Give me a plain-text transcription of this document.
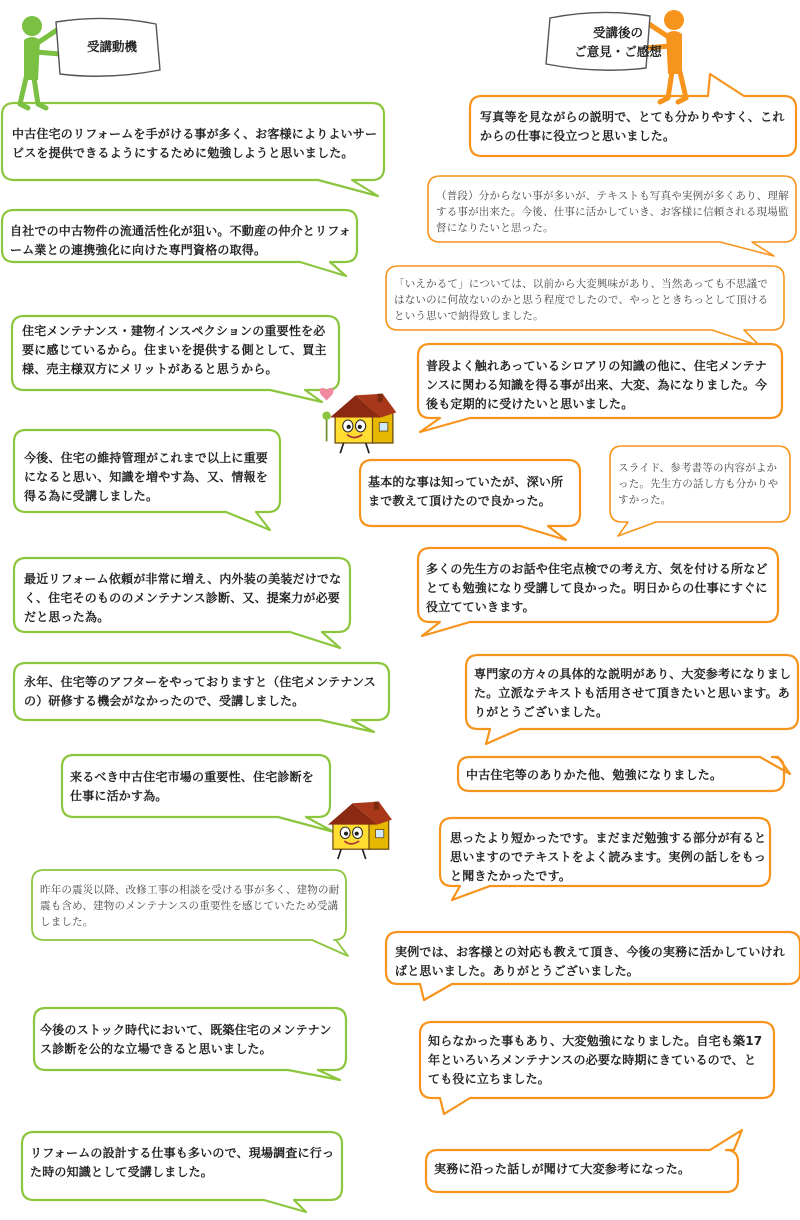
受講動機
受講後の
ご意見・ご感想

中古住宅のリフォームを手がける事が多く、お客様によりよいサービスを提供できるようにするために勉強しようと思いました。

自社での中古物件の流通活性化が狙い。不動産の仲介とリフォーム業との連携強化に向けた専門資格の取得。

住宅メンテナンス・建物インスペクションの重要性を必要に感じているから。住まいを提供する側として、買主様、売主様双方にメリットがあると思うから。

今後、住宅の維持管理がこれまで以上に重要になると思い、知識を増やす為、又、情報を得る為に受講しました。

最近リフォーム依頼が非常に増え、内外装の美装だけでなく、住宅そのもののメンテナンス診断、又、提案力が必要だと思った為。

永年、住宅等のアフターをやっておりますと（住宅メンテナンスの）研修する機会がなかったので、受講しました。

来るべき中古住宅市場の重要性、住宅診断を仕事に活かす為。

昨年の震災以降、改修工事の相談を受ける事が多く、建物の耐震も含め、建物のメンテナンスの重要性を感じていたため受講しました。

今後のストック時代において、既築住宅のメンテナンス診断を公的な立場できると思いました。

リフォームの設計する仕事も多いので、現場調査に行った時の知識として受講しました。

写真等を見ながらの説明で、とても分かりやすく、これからの仕事に役立つと思いました。

（普段）分からない事が多いが、テキストも写真や実例が多くあり、理解する事が出来た。今後、仕事に活かしていき、お客様に信頼される現場監督になりたいと思った。

「いえかるて」については、以前から大変興味があり、当然あっても不思議ではないのに何故ないのかと思う程度でしたので、やっとときちっとして頂けるという思いで納得致しました。

普段よく触れあっているシロアリの知識の他に、住宅メンテナンスに関わる知識を得る事が出来、大変、為になりました。今後も定期的に受けたいと思いました。

基本的な事は知っていたが、深い所まで教えて頂けたので良かった。

スライド、参考書等の内容がよかった。先生方の話し方も分かりやすかった。

多くの先生方のお話や住宅点検での考え方、気を付ける所などとても勉強になり受講して良かった。明日からの仕事にすぐに役立てていきます。

専門家の方々の具体的な説明があり、大変参考になりました。立派なテキストも活用させて頂きたいと思います。ありがとうございました。

中古住宅等のありかた他、勉強になりました。

思ったより短かったです。まだまだ勉強する部分が有ると思いますのでテキストをよく読みます。実例の話しをもっと聞きたかったです。

実例では、お客様との対応も教えて頂き、今後の実務に活かしていければと思いました。ありがとうございました。

知らなかった事もあり、大変勉強になりました。自宅も築17年といろいろメンテナンスの必要な時期にきているので、とても役に立ちました。

実務に沿った話しが聞けて大変参考になった。
